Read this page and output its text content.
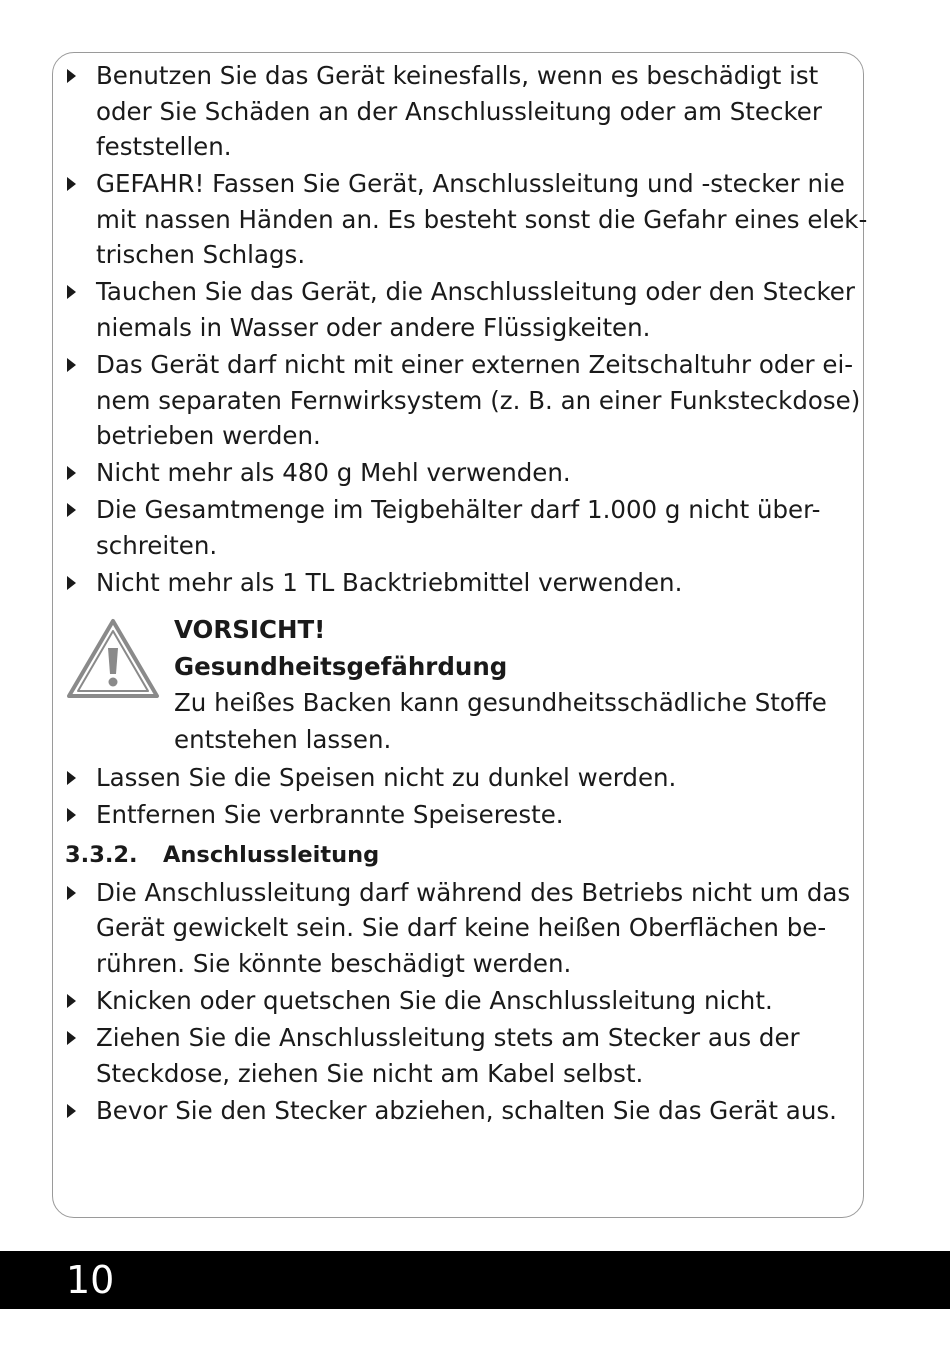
Benutzen Sie das Gerät keinesfalls, wenn es beschädigt ist
oder Sie Schäden an der Anschlussleitung oder am Stecker
feststellen.
GEFAHR! Fassen Sie Gerät, Anschlussleitung und -stecker nie
mit nassen Händen an. Es besteht sonst die Gefahr eines elek-
trischen Schlags.
Tauchen Sie das Gerät, die Anschlussleitung oder den Stecker
niemals in Wasser oder andere Flüssigkeiten.
Das Gerät darf nicht mit einer externen Zeitschaltuhr oder ei-
nem separaten Fernwirksystem (z. B. an einer Funksteckdose)
betrieben werden.
Nicht mehr als 480 g Mehl verwenden.
Die Gesamtmenge im Teigbehälter darf 1.000 g nicht über-
schreiten.
Nicht mehr als 1 TL Backtriebmittel verwenden.
VORSICHT!
Gesundheitsgefährdung
Zu heißes Backen kann gesundheitsschädliche Stoffe
entstehen lassen.
Lassen Sie die Speisen nicht zu dunkel werden.
Entfernen Sie verbrannte Speisereste.
3.3.2. Anschlussleitung
Die Anschlussleitung darf während des Betriebs nicht um das
Gerät gewickelt sein. Sie darf keine heißen Oberflächen be-
rühren. Sie könnte beschädigt werden.
Knicken oder quetschen Sie die Anschlussleitung nicht.
Ziehen Sie die Anschlussleitung stets am Stecker aus der
Steckdose, ziehen Sie nicht am Kabel selbst.
Bevor Sie den Stecker abziehen, schalten Sie das Gerät aus.
10
